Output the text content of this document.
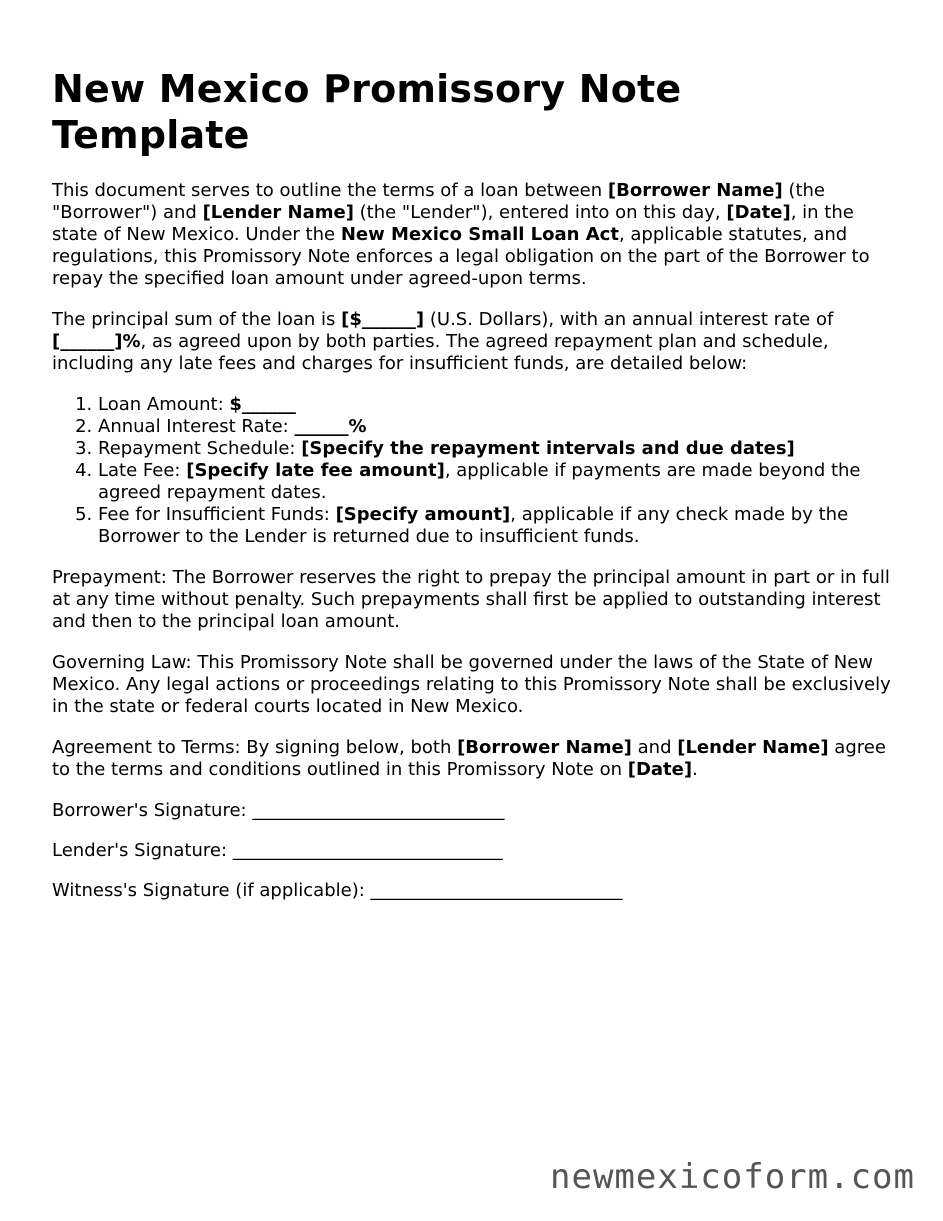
New Mexico Promissory Note Template

This document serves to outline the terms of a loan between [Borrower Name] (the "Borrower") and [Lender Name] (the "Lender"), entered into on this day, [Date], in the state of New Mexico. Under the New Mexico Small Loan Act, applicable statutes, and regulations, this Promissory Note enforces a legal obligation on the part of the Borrower to repay the specified loan amount under agreed-upon terms.

The principal sum of the loan is [$______] (U.S. Dollars), with an annual interest rate of [______]%, as agreed upon by both parties. The agreed repayment plan and schedule, including any late fees and charges for insufficient funds, are detailed below:

1. Loan Amount: $______
2. Annual Interest Rate: ______%
3. Repayment Schedule: [Specify the repayment intervals and due dates]
4. Late Fee: [Specify late fee amount], applicable if payments are made beyond the agreed repayment dates.
5. Fee for Insufficient Funds: [Specify amount], applicable if any check made by the Borrower to the Lender is returned due to insufficient funds.

Prepayment: The Borrower reserves the right to prepay the principal amount in part or in full at any time without penalty. Such prepayments shall first be applied to outstanding interest and then to the principal loan amount.

Governing Law: This Promissory Note shall be governed under the laws of the State of New Mexico. Any legal actions or proceedings relating to this Promissory Note shall be exclusively in the state or federal courts located in New Mexico.

Agreement to Terms: By signing below, both [Borrower Name] and [Lender Name] agree to the terms and conditions outlined in this Promissory Note on [Date].

Borrower's Signature: ____________________________

Lender's Signature: ______________________________

Witness's Signature (if applicable): ____________________________

newmexicoform.com
